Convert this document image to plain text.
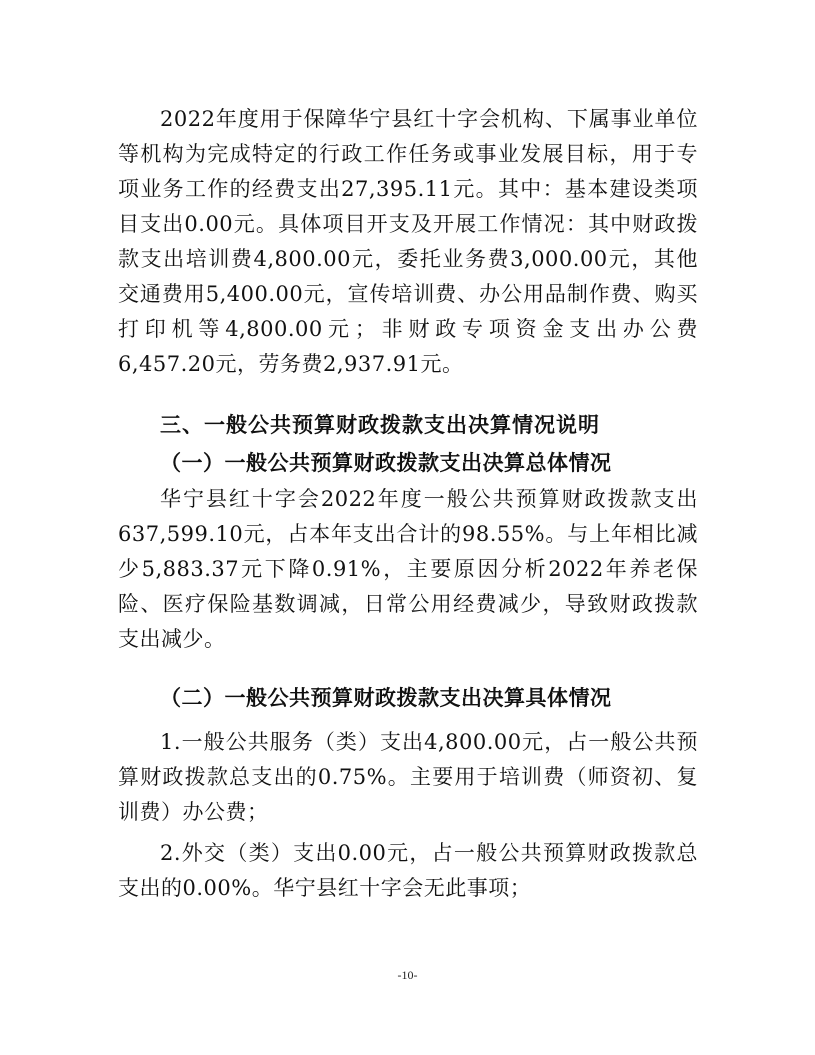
2022年度用于保障华宁县红十字会机构、下属事业单位等机构为完成特定的行政工作任务或事业发展目标，用于专项业务工作的经费支出27,395.11元。其中：基本建设类项目支出0.00元。具体项目开支及开展工作情况：其中财政拨款支出培训费4,800.00元，委托业务费3,000.00元，其他交通费用5,400.00元，宣传培训费、办公用品制作费、购买打印机等4,800.00元；非财政专项资金支出办公费6,457.20元，劳务费2,937.91元。

三、一般公共预算财政拨款支出决算情况说明
（一）一般公共预算财政拨款支出决算总体情况

华宁县红十字会2022年度一般公共预算财政拨款支出637,599.10元，占本年支出合计的98.55%。与上年相比减少5,883.37元下降0.91%，主要原因分析2022年养老保险、医疗保险基数调减，日常公用经费减少，导致财政拨款支出减少。

（二）一般公共预算财政拨款支出决算具体情况

1.一般公共服务（类）支出4,800.00元，占一般公共预算财政拨款总支出的0.75%。主要用于培训费（师资初、复训费）办公费；

2.外交（类）支出0.00元，占一般公共预算财政拨款总支出的0.00%。华宁县红十字会无此事项；

-10-
